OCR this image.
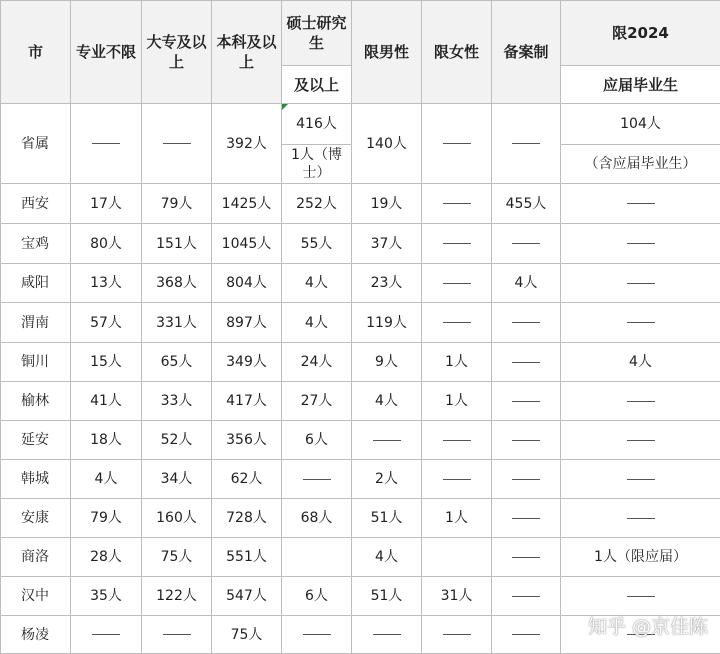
市	专业不限	大专及以上	本科及以上	硕士研究生	限男性	限女性	备案制	限2024
				及以上				应届毕业生
省属			392人	416人	140人			104人
				1人（博士）				（含应届毕业生）
西安	17人	79人	1425人	252人	19人		455人	
宝鸡	80人	151人	1045人	55人	37人			
咸阳	13人	368人	804人	4人	23人		4人	
渭南	57人	331人	897人	4人	119人			
铜川	15人	65人	349人	24人	9人	1人		4人
榆林	41人	33人	417人	27人	4人	1人		
延安	18人	52人	356人	6人				
韩城	4人	34人	62人		2人			
安康	79人	160人	728人	68人	51人	1人		
商洛	28人	75人	551人		4人			1人（限应届）
汉中	35人	122人	547人	6人	51人	31人		
杨凌			75人						知乎 @京佳陈
